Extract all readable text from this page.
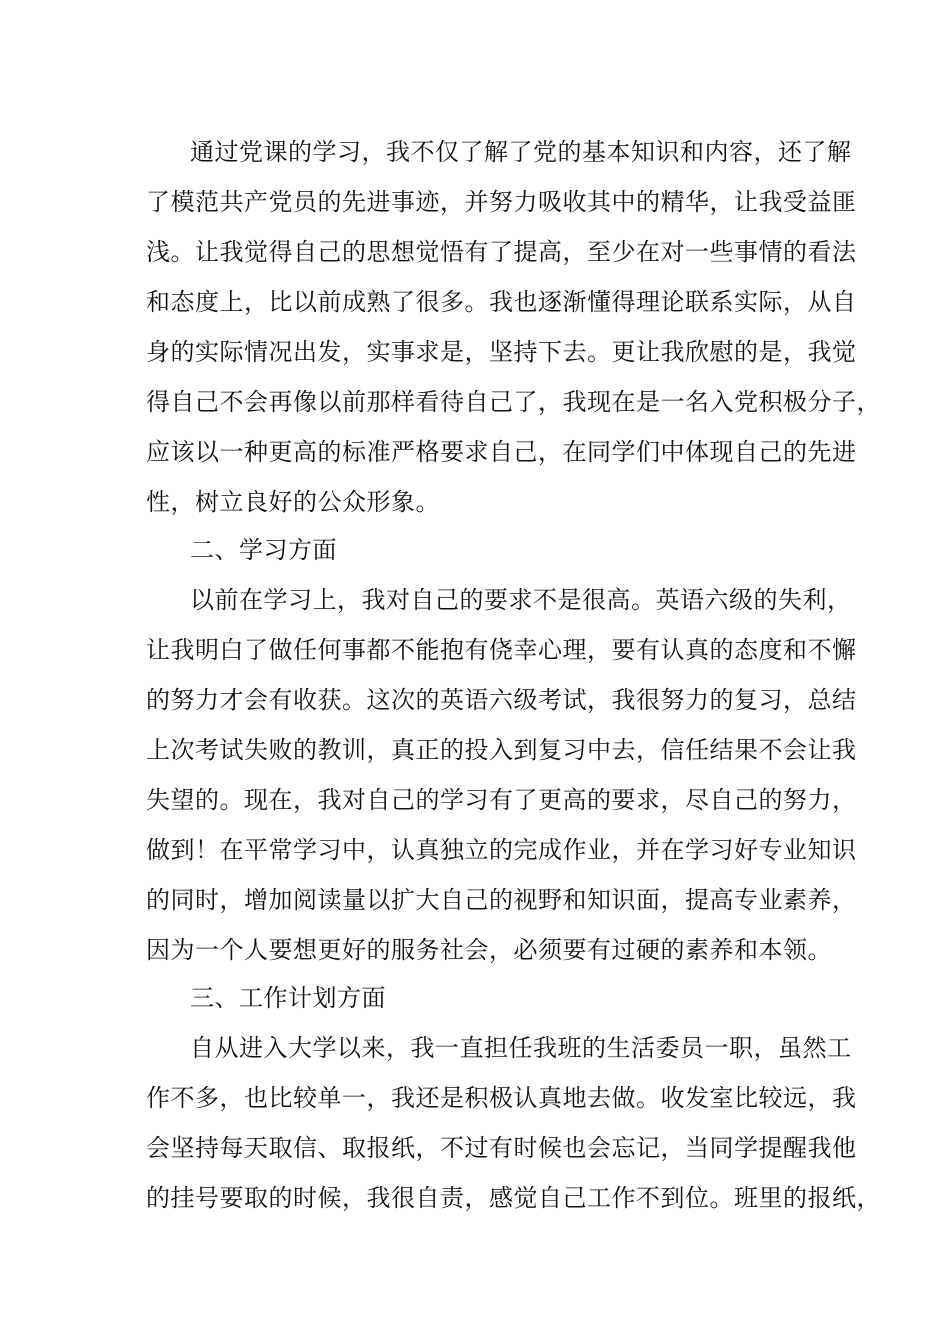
通过党课的学习，我不仅了解了党的基本知识和内容，还了解
了模范共产党员的先进事迹，并努力吸收其中的精华，让我受益匪
浅。让我觉得自己的思想觉悟有了提高，至少在对一些事情的看法
和态度上，比以前成熟了很多。我也逐渐懂得理论联系实际，从自
身的实际情况出发，实事求是，坚持下去。更让我欣慰的是，我觉
得自己不会再像以前那样看待自己了，我现在是一名入党积极分子，
应该以一种更高的标准严格要求自己，在同学们中体现自己的先进
性，树立良好的公众形象。
二、学习方面
以前在学习上，我对自己的要求不是很高。英语六级的失利，
让我明白了做任何事都不能抱有侥幸心理，要有认真的态度和不懈
的努力才会有收获。这次的英语六级考试，我很努力的复习，总结
上次考试失败的教训，真正的投入到复习中去，信任结果不会让我
失望的。现在，我对自己的学习有了更高的要求，尽自己的努力，
做到！在平常学习中，认真独立的完成作业，并在学习好专业知识
的同时，增加阅读量以扩大自己的视野和知识面，提高专业素养，
因为一个人要想更好的服务社会，必须要有过硬的素养和本领。
三、工作计划方面
自从进入大学以来，我一直担任我班的生活委员一职，虽然工
作不多，也比较单一，我还是积极认真地去做。收发室比较远，我
会坚持每天取信、取报纸，不过有时候也会忘记，当同学提醒我他
的挂号要取的时候，我很自责，感觉自己工作不到位。班里的报纸，
